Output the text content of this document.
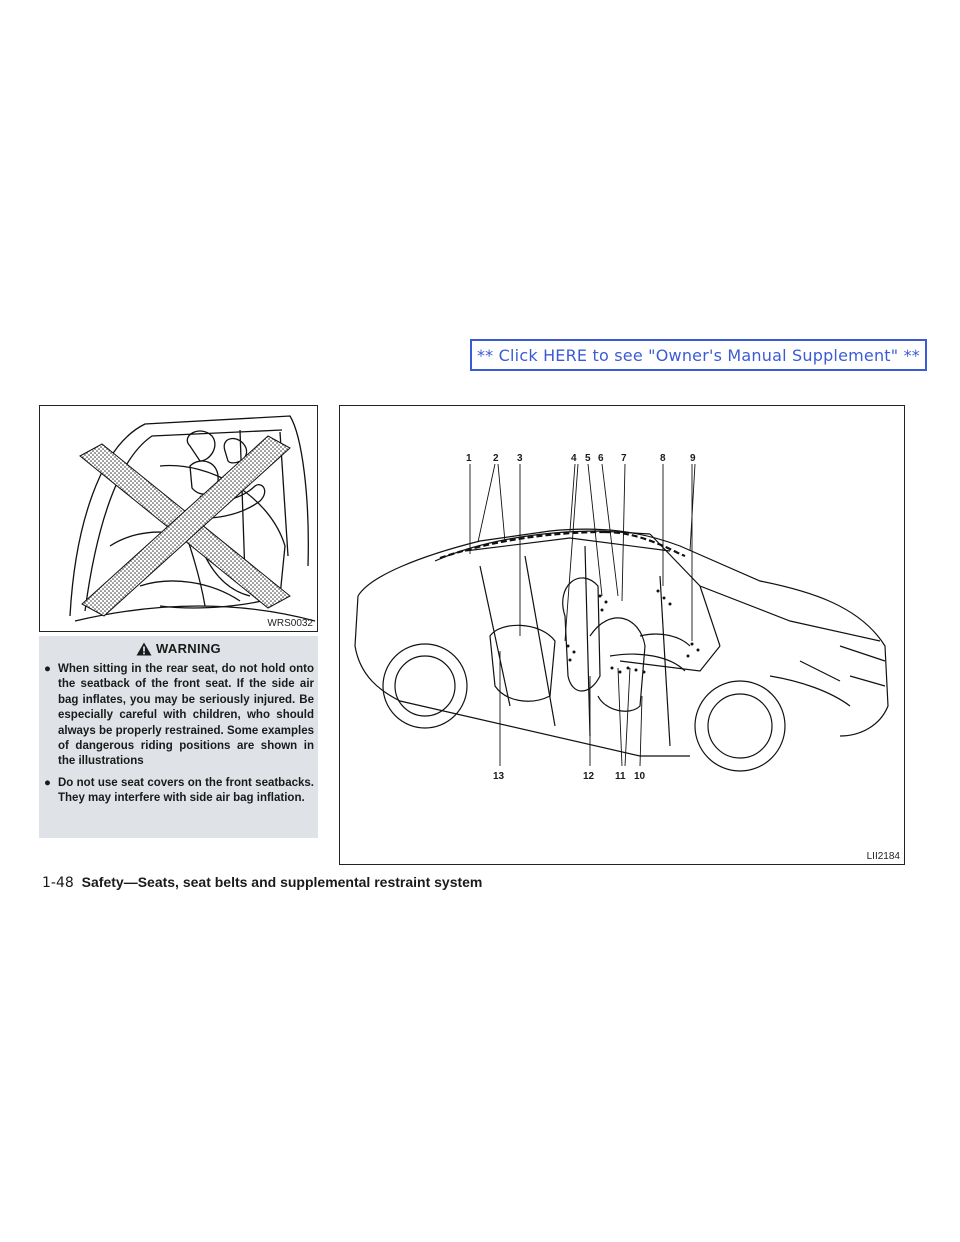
** Click HERE to see "Owner's Manual Supplement" **
WRS0032
WARNING
● When sitting in the rear seat, do not hold onto the seatback of the front seat. If the side air bag inflates, you may be seriously injured. Be especially careful with children, who should always be properly restrained. Some examples of dangerous riding positions are shown in the illustrations
● Do not use seat covers on the front seatbacks. They may interfere with side air bag inflation.
1 2 3	4 5 6 7	8 9
13	12 11 10
LII2184
1-48 Safety—Seats, seat belts and supplemental restraint system
